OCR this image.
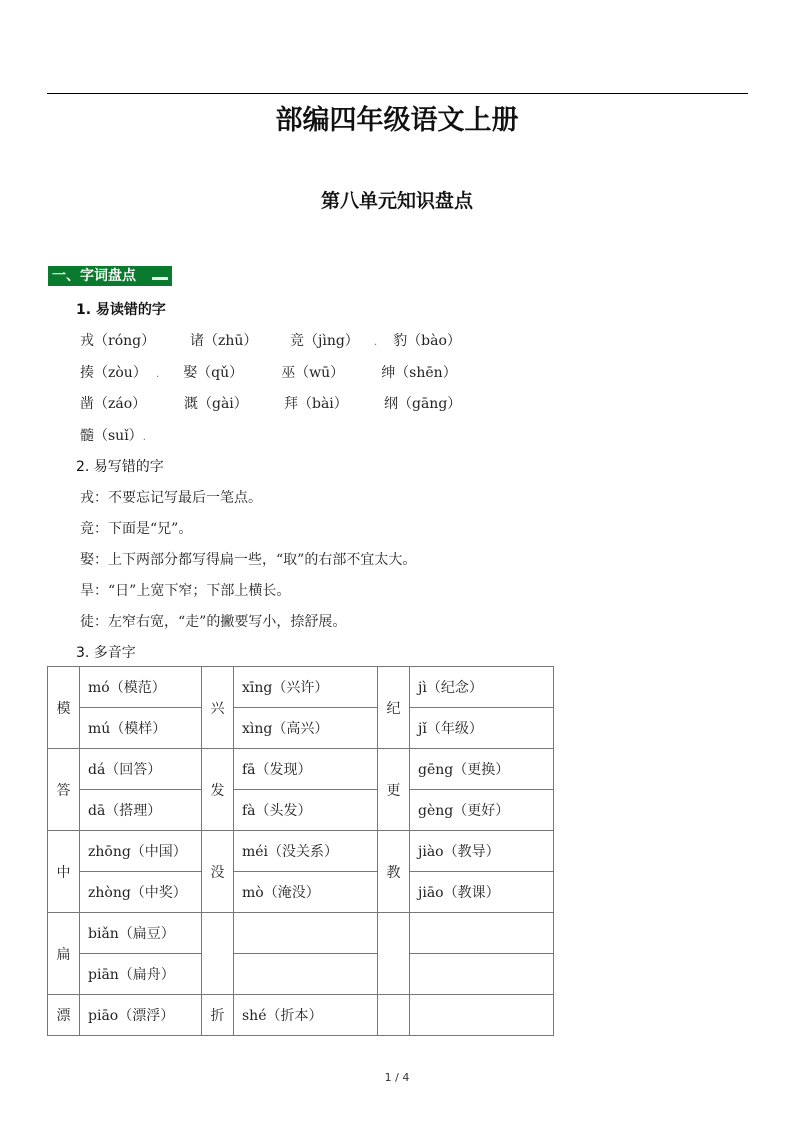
部编四年级语文上册
第八单元知识盘点
一、字词盘点
1. 易读错的字
戎（róng） 诸（zhū） 竞（jìng） . 豹（bào）
揍（zòu） . 娶（qǔ）	巫（wū）	绅（shēn）
凿（záo）	溉（gài）	拜（bài）	纲（gāng）
髓（suǐ）.
2. 易写错的字
戎：不要忘记写最后一笔点。
竞：下面是“兄”。
娶：上下两部分都写得扁一些，“取”的右部不宜太大。
旱：“日”上宽下窄；下部上横长。
徒：左窄右宽，“走”的撇要写小，捺舒展。
3. 多音字
模	mó（模范）	兴	xīng（兴许）	纪	jì（纪念）
	mú（模样）		xìng（高兴）		jǐ（年级）
答	dá（回答）	发	fā（发现）	更	gēng（更换）
	dā（搭理）		fà（头发）		gèng（更好）
中	zhōng（中国）	没	méi（没关系）	教	jiào（教导）
	zhòng（中奖）		mò（淹没）		jiāo（教课）
扁	biǎn（扁豆）				
	piān（扁舟）				
漂	piāo（漂浮）	折	shé（折本）		
1 / 4
